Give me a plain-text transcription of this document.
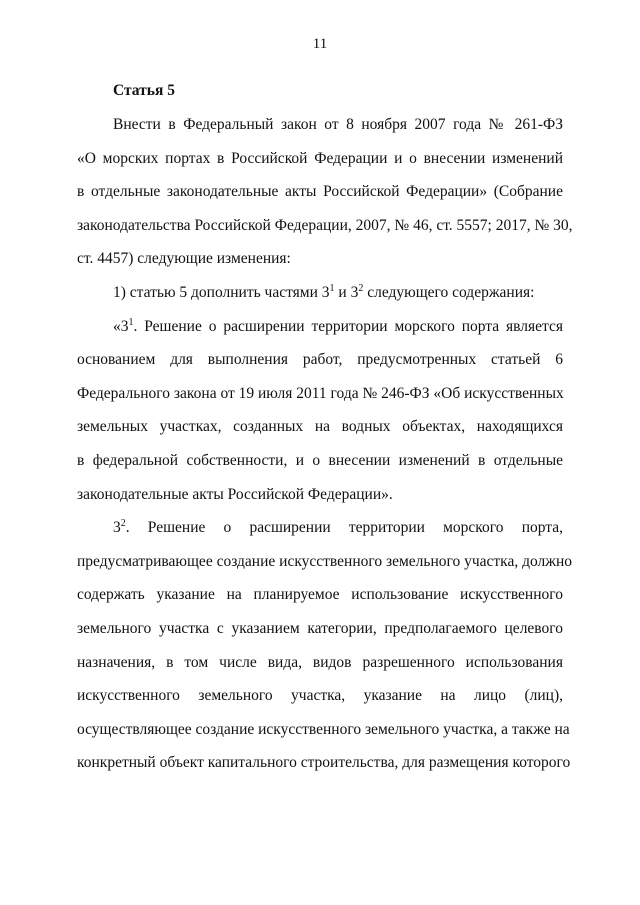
11
Статья 5
Внести в Федеральный закон от 8 ноября 2007 года № 261-ФЗ
«О морских портах в Российской Федерации и о внесении изменений
в отдельные законодательные акты Российской Федерации» (Собрание
законодательства Российской Федерации, 2007, № 46, ст. 5557; 2017, № 30,
ст. 4457) следующие изменения:
1) статью 5 дополнить частями $3^1$ и $3^2$ следующего содержания:
«$3^1$. Решение о расширении территории морского порта является
основанием для выполнения работ, предусмотренных статьей 6
Федерального закона от 19 июля 2011 года № 246-ФЗ «Об искусственных
земельных участках, созданных на водных объектах, находящихся
в федеральной собственности, и о внесении изменений в отдельные
законодательные акты Российской Федерации».
$3^2$. Решение о расширении территории морского порта,
предусматривающее создание искусственного земельного участка, должно
содержать указание на планируемое использование искусственного
земельного участка с указанием категории, предполагаемого целевого
назначения, в том числе вида, видов разрешенного использования
искусственного земельного участка, указание на лицо (лиц),
осуществляющее создание искусственного земельного участка, а также на
конкретный объект капитального строительства, для размещения которого
